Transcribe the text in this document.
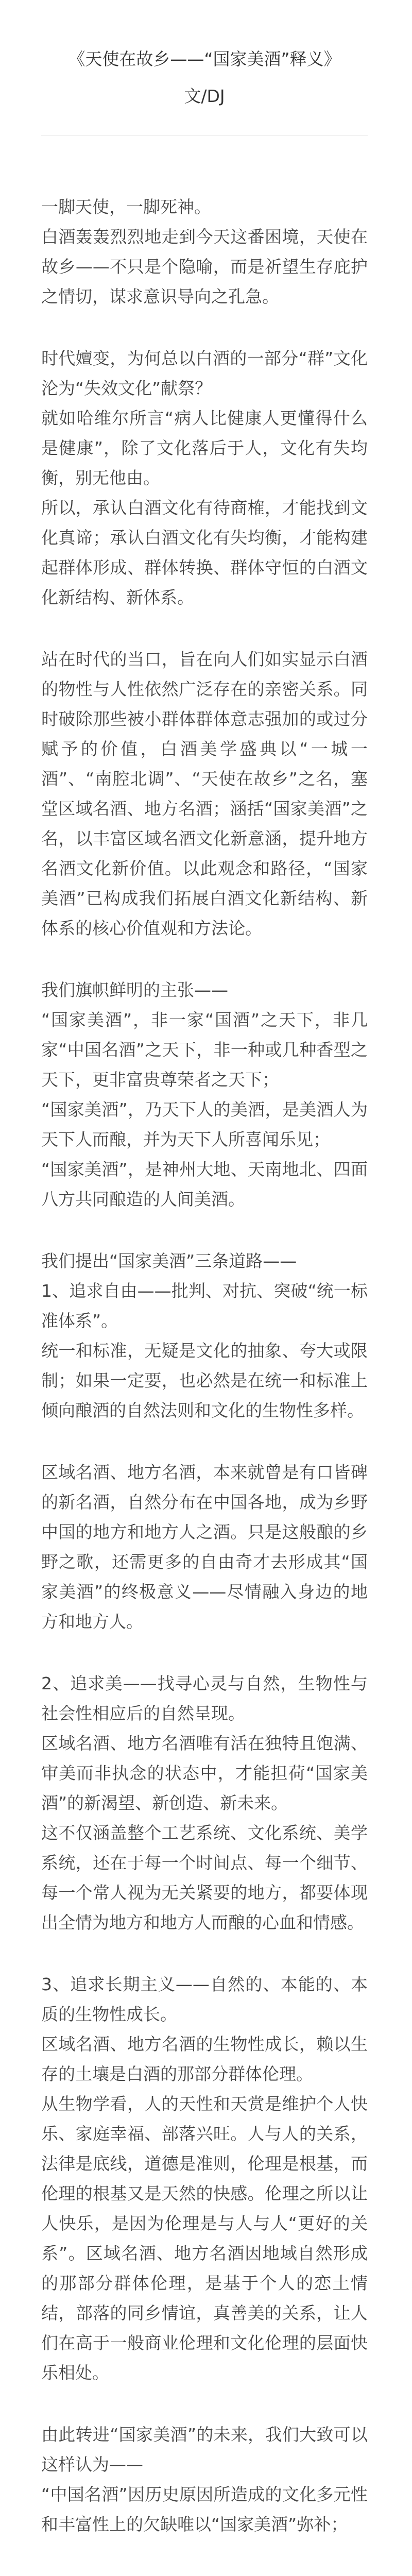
《天使在故乡——“国家美酒”释义》

文/DJ

一脚天使，一脚死神。

白酒轰轰烈烈地走到今天这番困境，天使在故乡——不只是个隐喻，而是祈望生存庇护之情切，谋求意识导向之孔急。

时代嬗变，为何总以白酒的一部分“群”文化沦为“失效文化”献祭？

就如哈维尔所言“病人比健康人更懂得什么是健康”，除了文化落后于人，文化有失均衡，别无他由。

所以，承认白酒文化有待商榷，才能找到文化真谛；承认白酒文化有失均衡，才能构建起群体形成、群体转换、群体守恒的白酒文化新结构、新体系。

站在时代的当口，旨在向人们如实显示白酒的物性与人性依然广泛存在的亲密关系。同时破除那些被小群体群体意志强加的或过分赋予的价值，白酒美学盛典以“一城一酒”、“南腔北调”、“天使在故乡”之名，塞堂区域名酒、地方名酒；涵括“国家美酒”之名，以丰富区域名酒文化新意涵，提升地方名酒文化新价值。以此观念和路径，“国家美酒”已构成我们拓展白酒文化新结构、新体系的核心价值观和方法论。

我们旗帜鲜明的主张——

“国家美酒”，非一家“国酒”之天下，非几家“中国名酒”之天下，非一种或几种香型之天下，更非富贵尊荣者之天下；

“国家美酒”，乃天下人的美酒，是美酒人为天下人而酿，并为天下人所喜闻乐见；

“国家美酒”，是神州大地、天南地北、四面八方共同酿造的人间美酒。

我们提出“国家美酒”三条道路——

1、追求自由——批判、对抗、突破“统一标准体系”。

统一和标准，无疑是文化的抽象、夸大或限制；如果一定要，也必然是在统一和标准上倾向酿酒的自然法则和文化的生物性多样。

区域名酒、地方名酒，本来就曾是有口皆碑的新名酒，自然分布在中国各地，成为乡野中国的地方和地方人之酒。只是这般酿的乡野之歌，还需更多的自由奇才去形成其“国家美酒”的终极意义——尽情融入身边的地方和地方人。

2、追求美——找寻心灵与自然，生物性与社会性相应后的自然呈现。

区域名酒、地方名酒唯有活在独特且饱满、审美而非执念的状态中，才能担荷“国家美酒”的新渴望、新创造、新未来。

这不仅涵盖整个工艺系统、文化系统、美学系统，还在于每一个时间点、每一个细节、每一个常人视为无关紧要的地方，都要体现出全情为地方和地方人而酿的心血和情感。

3、追求长期主义——自然的、本能的、本质的生物性成长。

区域名酒、地方名酒的生物性成长，赖以生存的土壤是白酒的那部分群体伦理。

从生物学看，人的天性和天赏是维护个人快乐、家庭幸福、部落兴旺。人与人的关系，法律是底线，道德是准则，伦理是根基，而伦理的根基又是天然的快感。伦理之所以让人快乐，是因为伦理是与人与人“更好的关系”。区域名酒、地方名酒因地域自然形成的那部分群体伦理，是基于个人的恋土情结，部落的同乡情谊，真善美的关系，让人们在高于一般商业伦理和文化伦理的层面快乐相处。

由此转进“国家美酒”的未来，我们大致可以这样认为——

“中国名酒”因历史原因所造成的文化多元性和丰富性上的欠缺唯以“国家美酒”弥补；
